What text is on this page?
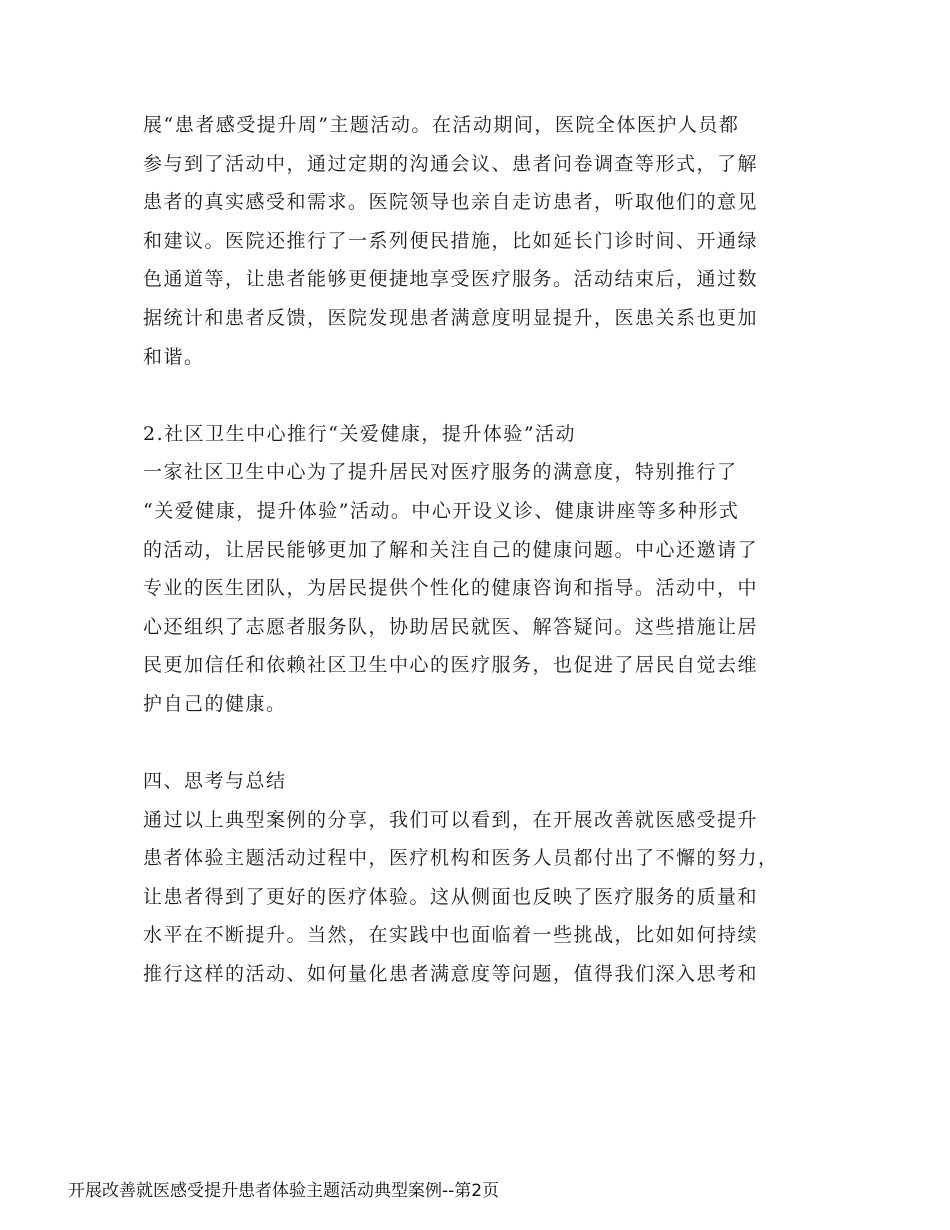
展“患者感受提升周”主题活动。在活动期间，医院全体医护人员都
参与到了活动中，通过定期的沟通会议、患者问卷调查等形式，了解
患者的真实感受和需求。医院领导也亲自走访患者，听取他们的意见
和建议。医院还推行了一系列便民措施，比如延长门诊时间、开通绿
色通道等，让患者能够更便捷地享受医疗服务。活动结束后，通过数
据统计和患者反馈，医院发现患者满意度明显提升，医患关系也更加
和谐。
2.社区卫生中心推行“关爱健康，提升体验”活动
一家社区卫生中心为了提升居民对医疗服务的满意度，特别推行了
“关爱健康，提升体验”活动。中心开设义诊、健康讲座等多种形式
的活动，让居民能够更加了解和关注自己的健康问题。中心还邀请了
专业的医生团队，为居民提供个性化的健康咨询和指导。活动中，中
心还组织了志愿者服务队，协助居民就医、解答疑问。这些措施让居
民更加信任和依赖社区卫生中心的医疗服务，也促进了居民自觉去维
护自己的健康。
四、思考与总结
通过以上典型案例的分享，我们可以看到，在开展改善就医感受提升
患者体验主题活动过程中，医疗机构和医务人员都付出了不懈的努力，
让患者得到了更好的医疗体验。这从侧面也反映了医疗服务的质量和
水平在不断提升。当然，在实践中也面临着一些挑战，比如如何持续
推行这样的活动、如何量化患者满意度等问题，值得我们深入思考和
开展改善就医感受提升患者体验主题活动典型案例--第2页
